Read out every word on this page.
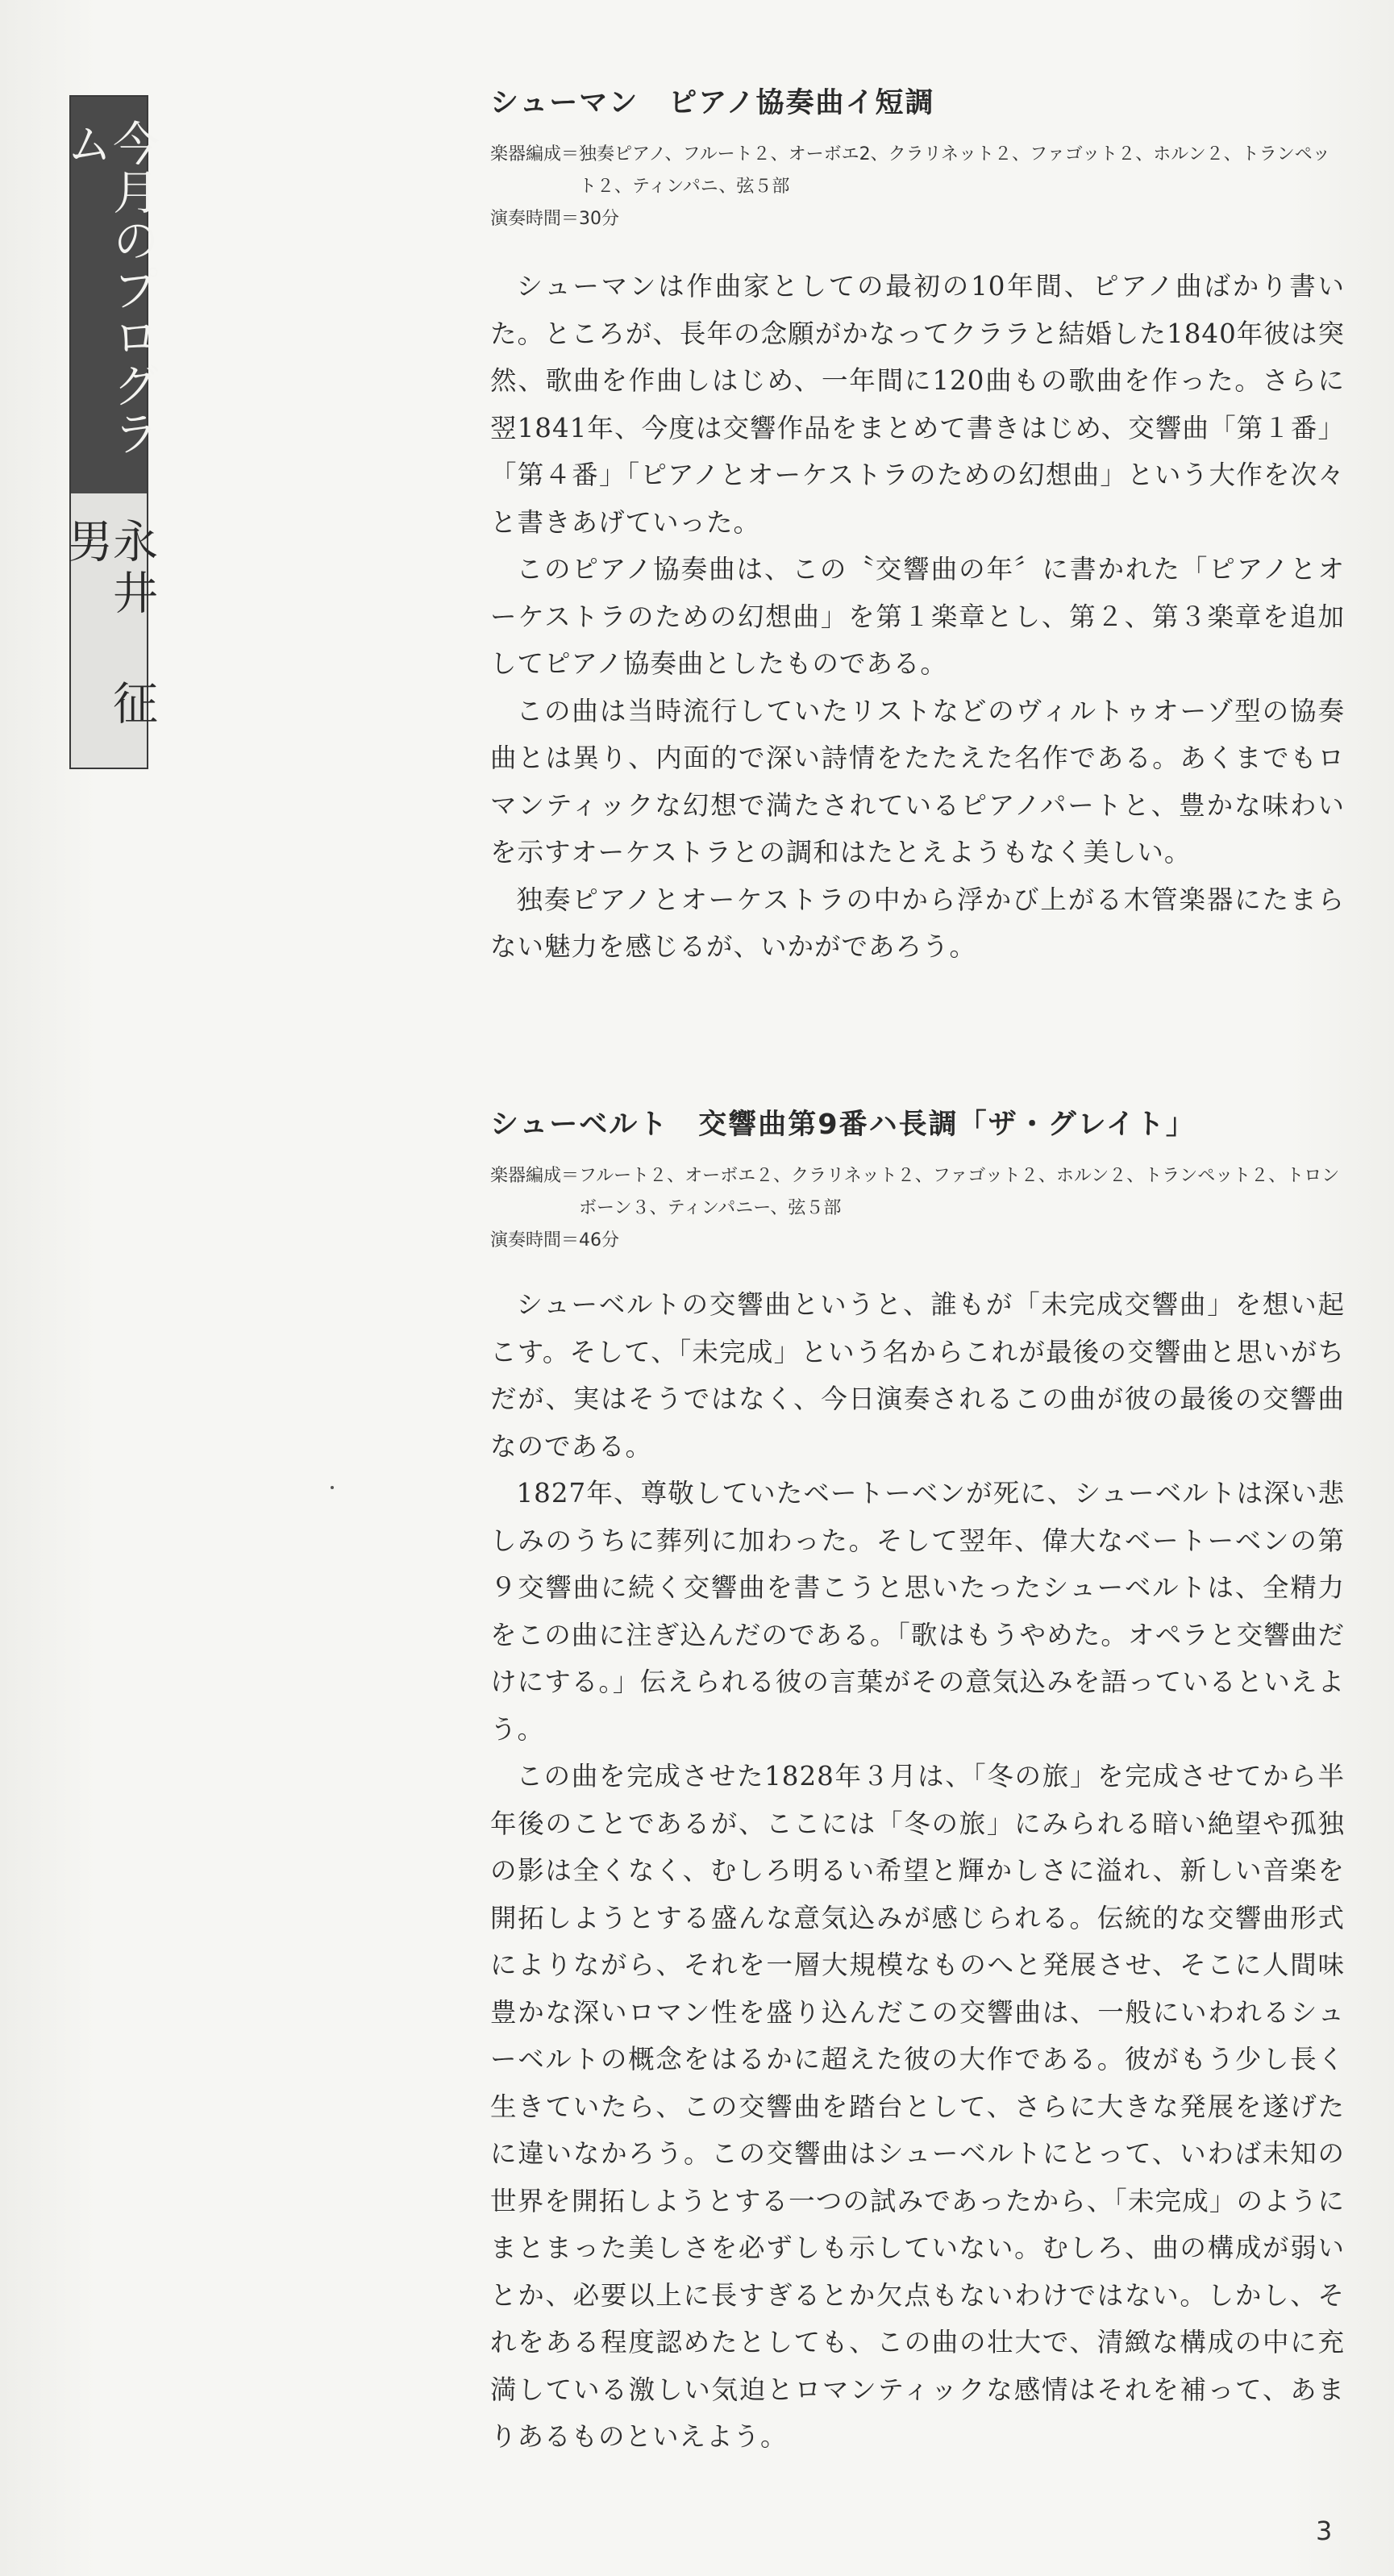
今月のプログラム
永井 征男
シューマン　ピアノ協奏曲イ短調
楽器編成＝ 独奏ピアノ、フルート２、オーボエ2、クラリネット２、ファゴット２、ホルン２、トランペット２、ティンパニ、弦５部
演奏時間＝30分

シューマンは作曲家としての最初の10年間、ピアノ曲ばかり書いた。ところが、長年の念願がかなってクララと結婚した1840年彼は突然、歌曲を作曲しはじめ、一年間に120曲もの歌曲を作った。さらに翌1841年、今度は交響作品をまとめて書きはじめ、交響曲「第１番」「第４番」「ピアノとオーケストラのための幻想曲」という大作を次々と書きあげていった。

このピアノ協奏曲は、この〝交響曲の年〞に書かれた「ピアノとオーケストラのための幻想曲」を第１楽章とし、第２、第３楽章を追加してピアノ協奏曲としたものである。

この曲は当時流行していたリストなどのヴィルトゥオーゾ型の協奏曲とは異り、内面的で深い詩情をたたえた名作である。あくまでもロマンティックな幻想で満たされているピアノパートと、豊かな味わいを示すオーケストラとの調和はたとえようもなく美しい。

独奏ピアノとオーケストラの中から浮かび上がる木管楽器にたまらない魅力を感じるが、いかがであろう。

シューベルト　交響曲第9番ハ長調「ザ・グレイト」
楽器編成＝ フルート２、オーボエ２、クラリネット２、ファゴット２、ホルン２、トランペット２、トロンボーン３、ティンパニー、弦５部
演奏時間＝46分

シューベルトの交響曲というと、誰もが「未完成交響曲」を想い起こす。そして、「未完成」という名からこれが最後の交響曲と思いがちだが、実はそうではなく、今日演奏されるこの曲が彼の最後の交響曲なのである。

1827年、尊敬していたベートーベンが死に、シューベルトは深い悲しみのうちに葬列に加わった。そして翌年、偉大なベートーベンの第９交響曲に続く交響曲を書こうと思いたったシューベルトは、全精力をこの曲に注ぎ込んだのである。「歌はもうやめた。オペラと交響曲だけにする。」伝えられる彼の言葉がその意気込みを語っているといえよう。

この曲を完成させた1828年３月は、「冬の旅」を完成させてから半年後のことであるが、ここには「冬の旅」にみられる暗い絶望や孤独の影は全くなく、むしろ明るい希望と輝かしさに溢れ、新しい音楽を開拓しようとする盛んな意気込みが感じられる。伝統的な交響曲形式によりながら、それを一層大規模なものへと発展させ、そこに人間味豊かな深いロマン性を盛り込んだこの交響曲は、一般にいわれるシューベルトの概念をはるかに超えた彼の大作である。彼がもう少し長く生きていたら、この交響曲を踏台として、さらに大きな発展を遂げたに違いなかろう。この交響曲はシューベルトにとって、いわば未知の世界を開拓しようとする一つの試みであったから、「未完成」のようにまとまった美しさを必ずしも示していない。むしろ、曲の構成が弱いとか、必要以上に長すぎるとか欠点もないわけではない。しかし、それをある程度認めたとしても、この曲の壮大で、清緻な構成の中に充満している激しい気迫とロマンティックな感情はそれを補って、あまりあるものといえよう。

3
